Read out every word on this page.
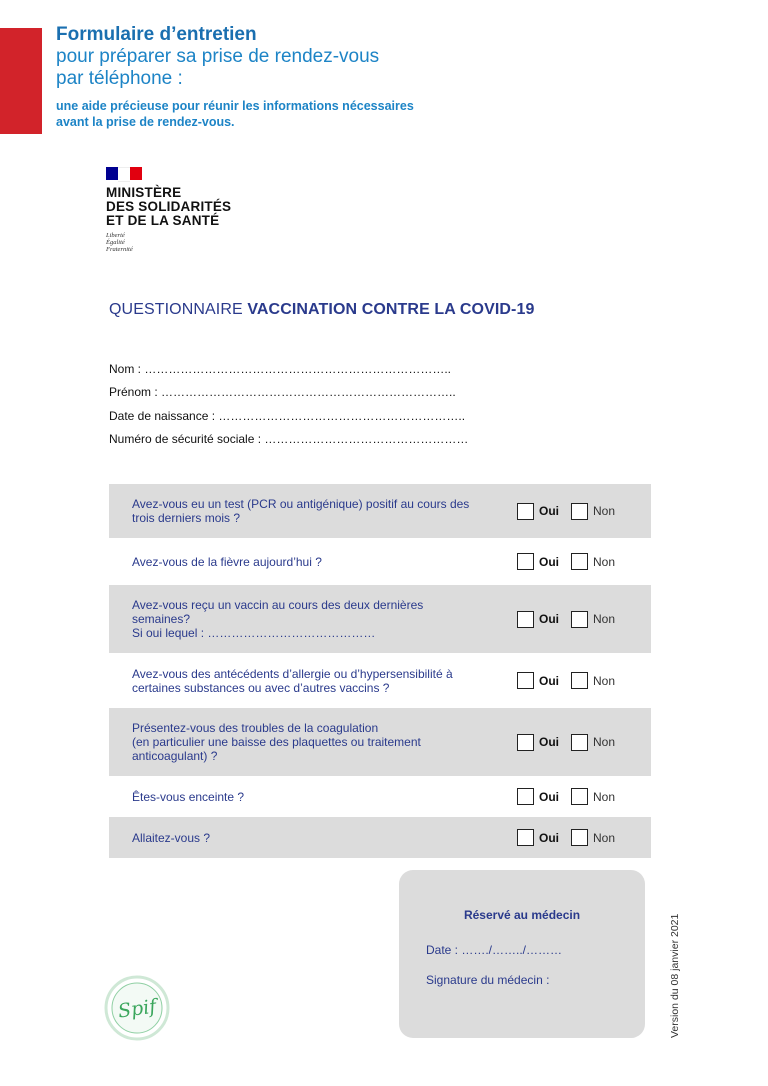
Formulaire d’entretien
pour préparer sa prise de rendez-vous
par téléphone :
une aide précieuse pour réunir les informations nécessaires
avant la prise de rendez-vous.
MINISTÈRE
DES SOLIDARITÉS
ET DE LA SANTÉ
Liberté
Égalité
Fraternité
QUESTIONNAIRE VACCINATION CONTRE LA COVID-19
Nom : …………………………………………………………………..
Prénom : ………………………………………………………………..
Date de naissance : ……………………………………………………..
Numéro de sécurité sociale : ……………………………………………
Avez-vous eu un test (PCR ou antigénique) positif au cours des
trois derniers mois ?	Oui	Non
Avez-vous de la fièvre aujourd’hui ?	Oui	Non
Avez-vous reçu un vaccin au cours des deux dernières
semaines?
Si oui lequel : ……………………………………
Oui	Non
Avez-vous des antécédents d’allergie ou d’hypersensibilité à
certaines substances ou avec d’autres vaccins ?	Oui	Non
Présentez-vous des troubles de la coagulation
(en particulier une baisse des plaquettes ou traitement
anticoagulant) ?
Oui	Non
Êtes-vous enceinte ?	Oui	Non
Allaitez-vous ?	Oui	Non
Réservé au médecin
Date : ……./……../………
Signature du médecin :	Version du 08 janvier 2021
Spif
